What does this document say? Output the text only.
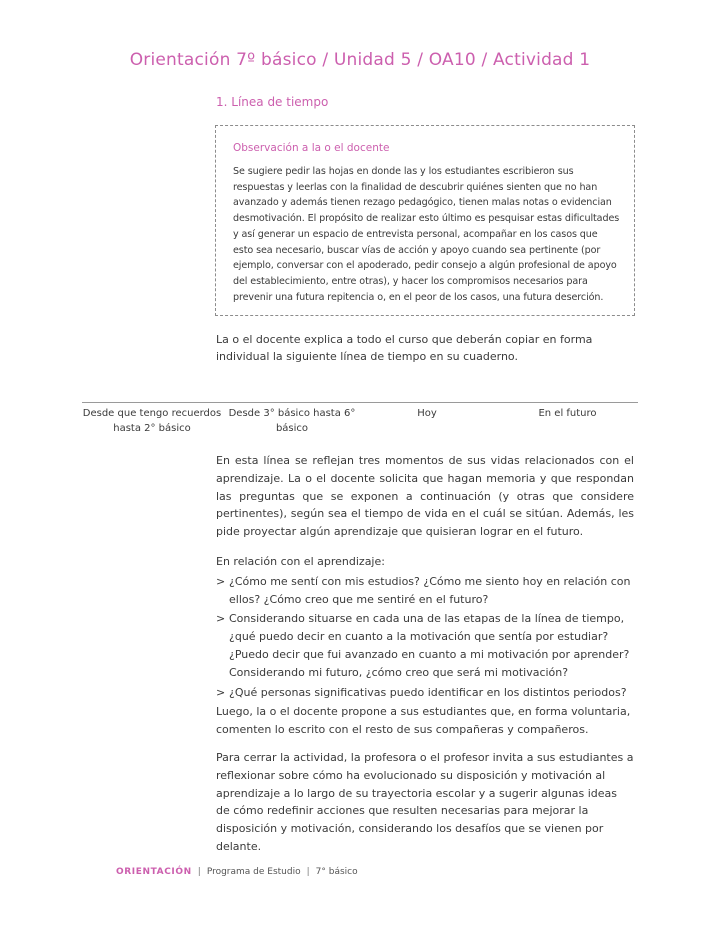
Orientación 7º básico / Unidad 5 / OA10 / Actividad 1
1. Línea de tiempo
Observación a la o el docente
Se sugiere pedir las hojas en donde las y los estudiantes escribieron sus respuestas y leerlas con la finalidad de descubrir quiénes sienten que no han avanzado y además tienen rezago pedagógico, tienen malas notas o evidencian desmotivación. El propósito de realizar esto último es pesquisar estas dificultades y así generar un espacio de entrevista personal, acompañar en los casos que esto sea necesario, buscar vías de acción y apoyo cuando sea pertinente (por ejemplo, conversar con el apoderado, pedir consejo a algún profesional de apoyo del establecimiento, entre otras), y hacer los compromisos necesarios para prevenir una futura repitencia o, en el peor de los casos, una futura deserción.
La o el docente explica a todo el curso que deberán copiar en forma individual la siguiente línea de tiempo en su cuaderno.
Desde que tengo recuerdos hasta 2° básico
Desde 3° básico hasta 6° básico
Hoy	En el futuro

En esta línea se reflejan tres momentos de sus vidas relacionados con el aprendizaje. La o el docente solicita que hagan memoria y que respondan las preguntas que se exponen a continuación (y otras que considere pertinentes), según sea el tiempo de vida en el cuál se sitúan. Además, les pide proyectar algún aprendizaje que quisieran lograr en el futuro.

En relación con el aprendizaje:

> ¿Cómo me sentí con mis estudios? ¿Cómo me siento hoy en relación con ellos? ¿Cómo creo que me sentiré en el futuro?
> Considerando situarse en cada una de las etapas de la línea de tiempo, ¿qué puedo decir en cuanto a la motivación que sentía por estudiar? ¿Puedo decir que fui avanzado en cuanto a mi motivación por aprender? Considerando mi futuro, ¿cómo creo que será mi motivación?
> ¿Qué personas significativas puedo identificar en los distintos periodos?

Luego, la o el docente propone a sus estudiantes que, en forma voluntaria, comenten lo escrito con el resto de sus compañeras y compañeros.

Para cerrar la actividad, la profesora o el profesor invita a sus estudiantes a reflexionar sobre cómo ha evolucionado su disposición y motivación al aprendizaje a lo largo de su trayectoria escolar y a sugerir algunas ideas de cómo redefinir acciones que resulten necesarias para mejorar la disposición y motivación, considerando los desafíos que se vienen por delante.

ORIENTACIÓN | Programa de Estudio | 7° básico
